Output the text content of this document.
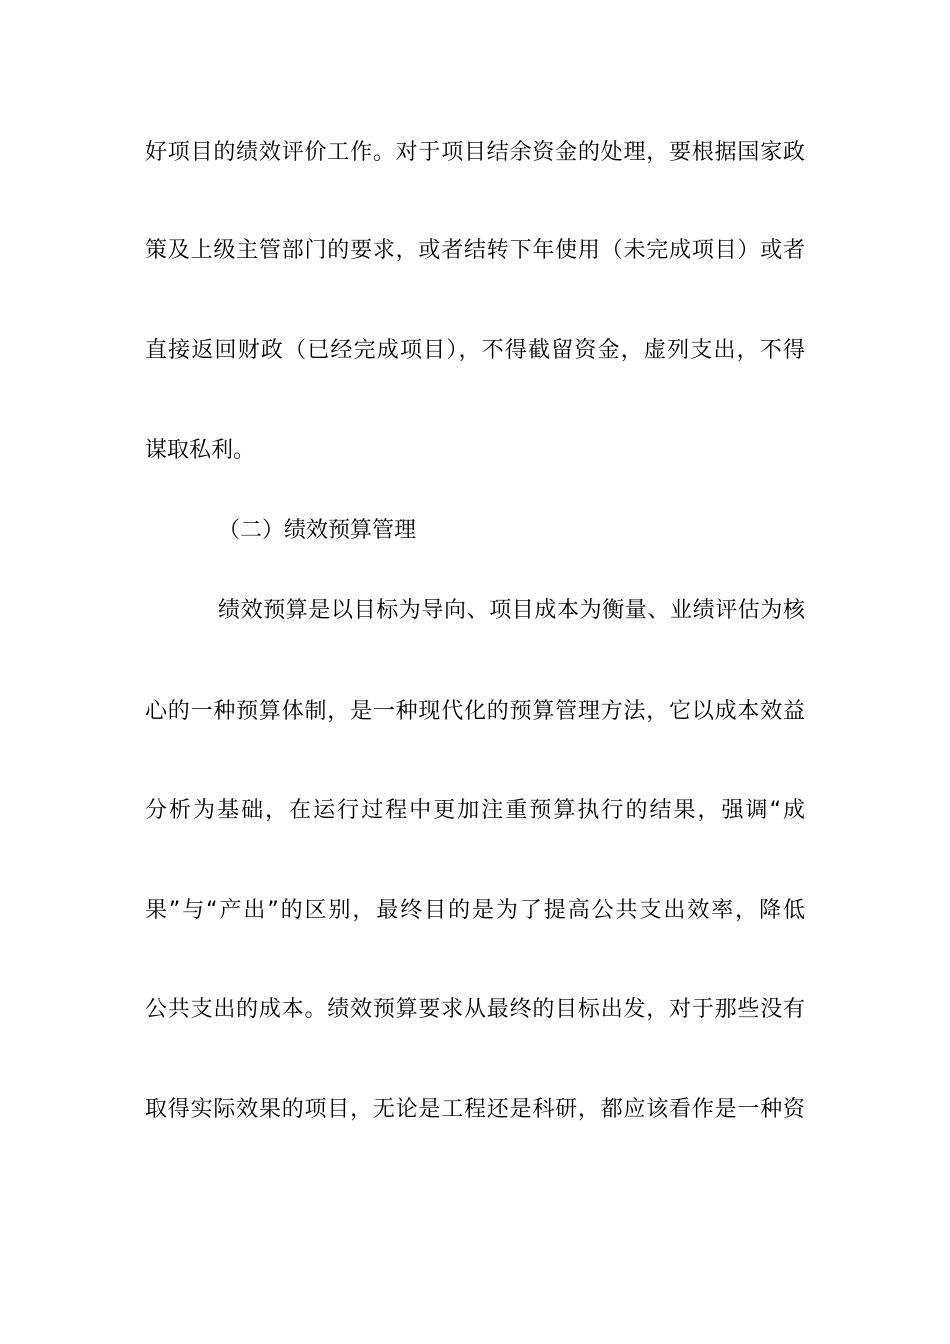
好项目的绩效评价工作。对于项目结余资金的处理，要根据国家政
策及上级主管部门的要求，或者结转下年使用（未完成项目）或者
直接返回财政（已经完成项目），不得截留资金，虚列支出，不得
谋取私利。
（二）绩效预算管理
绩效预算是以目标为导向、项目成本为衡量、业绩评估为核
心的一种预算体制，是一种现代化的预算管理方法，它以成本效益
分析为基础，在运行过程中更加注重预算执行的结果，强调“成
果”与“产出”的区别，最终目的是为了提高公共支出效率，降低
公共支出的成本。绩效预算要求从最终的目标出发，对于那些没有
取得实际效果的项目，无论是工程还是科研，都应该看作是一种资
